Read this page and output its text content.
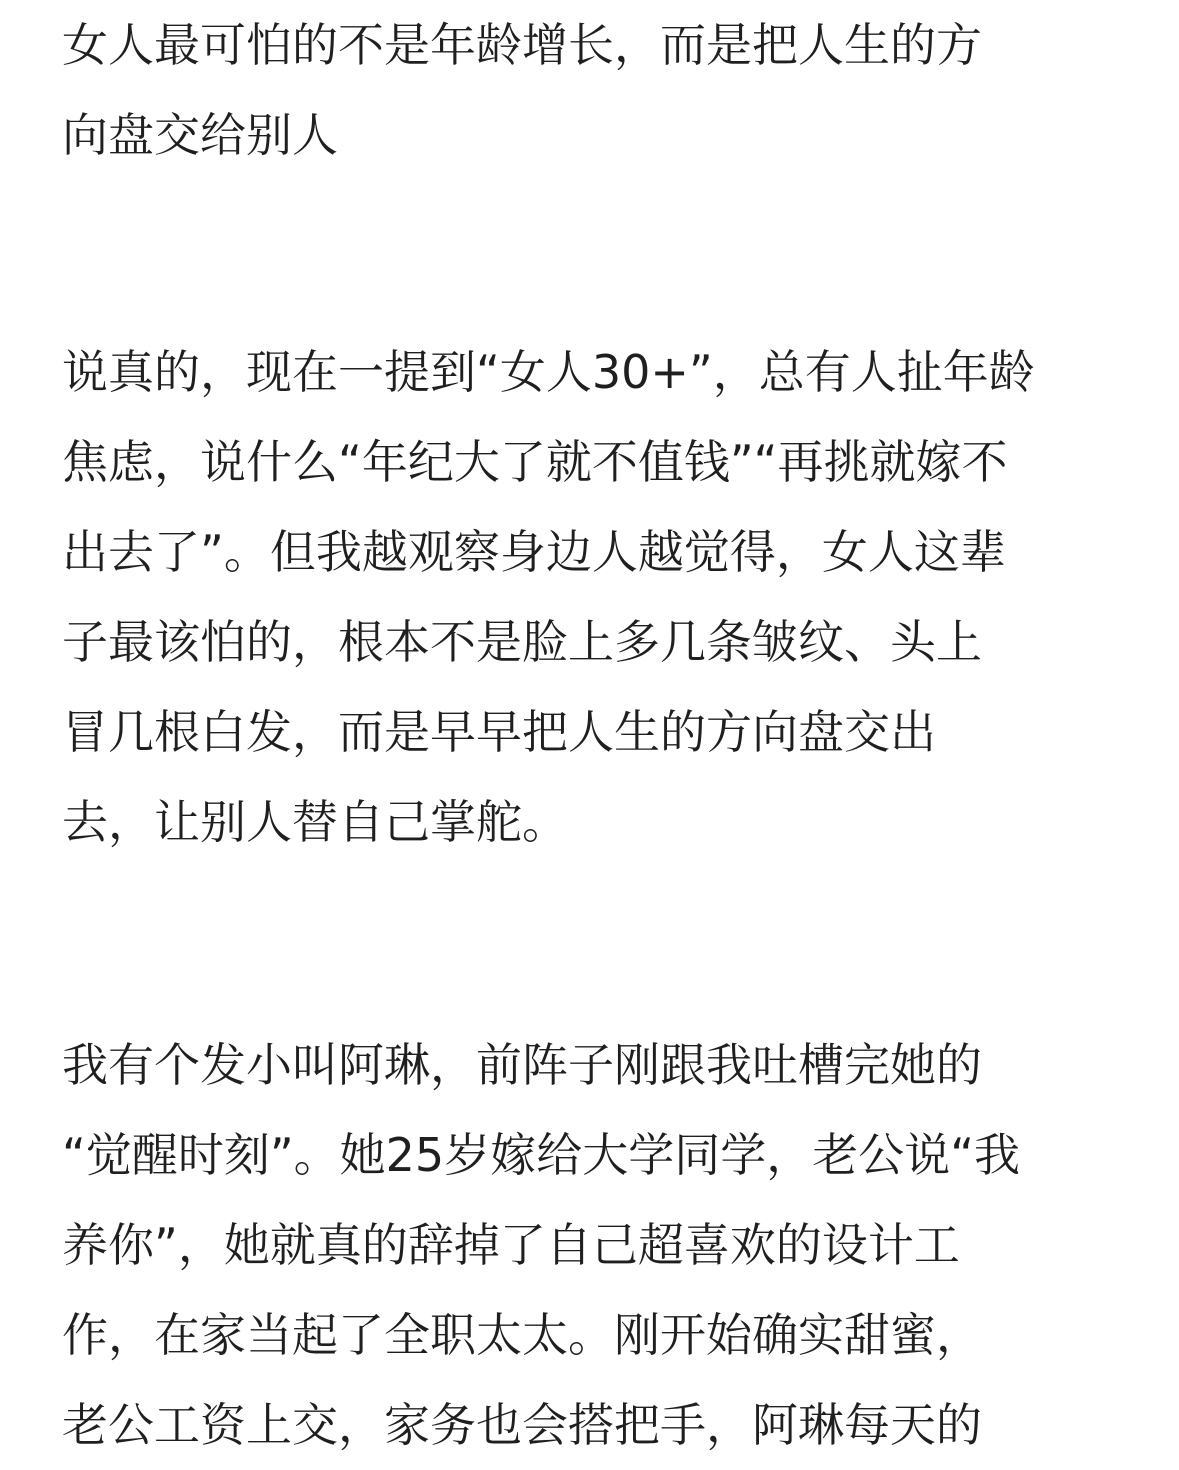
女人最可怕的不是年龄增长，而是把人生的方
向盘交给别人

说真的，现在一提到“女人30+”，总有人扯年龄
焦虑，说什么“年纪大了就不值钱”“再挑就嫁不
出去了”。但我越观察身边人越觉得，女人这辈
子最该怕的，根本不是脸上多几条皱纹、头上
冒几根白发，而是早早把人生的方向盘交出
去，让别人替自己掌舵。

我有个发小叫阿琳，前阵子刚跟我吐槽完她的
“觉醒时刻”。她25岁嫁给大学同学，老公说“我
养你”，她就真的辞掉了自己超喜欢的设计工
作，在家当起了全职太太。刚开始确实甜蜜，
老公工资上交，家务也会搭把手，阿琳每天的
